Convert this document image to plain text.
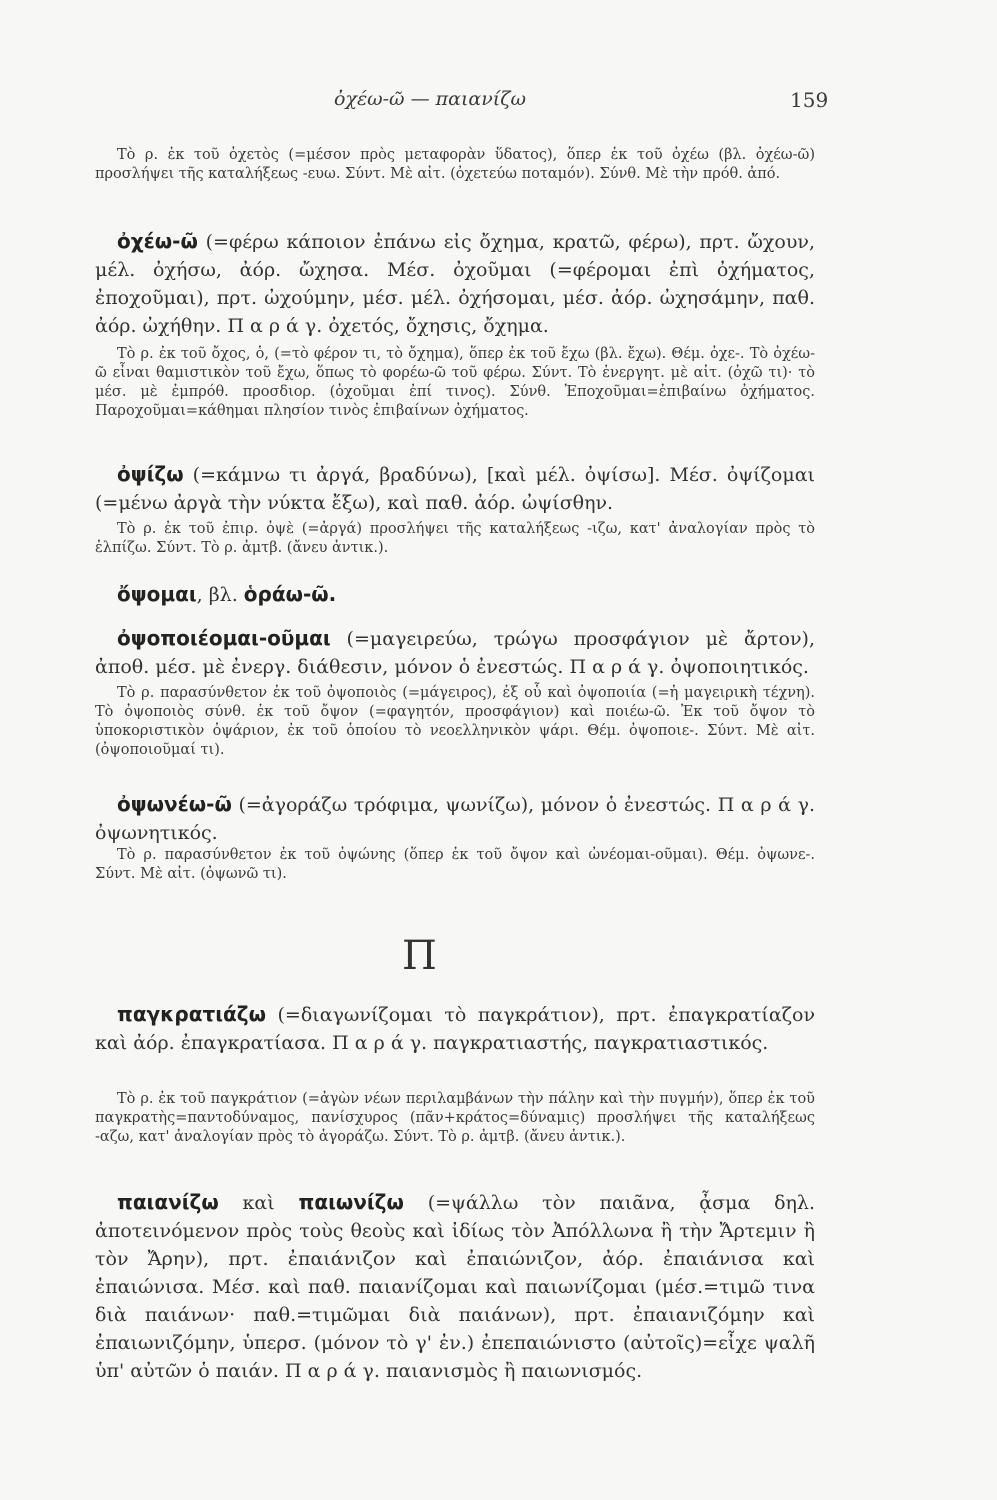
ὀχέω-ῶ — παιανίζω	159
Τὸ ρ. ἐκ τοῦ ὀχετὸς (=μέσον πρὸς μεταφορὰν ὕδατος), ὅπερ ἐκ τοῦ ὀχέω (βλ. ὀχέω-ῶ) προσλήψει τῆς καταλήξεως -ευω. Σύντ. Μὲ αἰτ. (ὀχετεύω ποταμόν). Σύνθ. Μὲ τὴν πρόθ. ἀπό.
ὀχέω-ῶ (=φέρω κάποιον ἐπάνω εἰς ὄχημα, κρατῶ, φέρω), πρτ. ὤχουν, μέλ. ὀχήσω, ἀόρ. ὤχησα. Μέσ. ὀχοῦμαι (=φέρομαι ἐπὶ ὀχήματος, ἐποχοῦμαι), πρτ. ὠχούμην, μέσ. μέλ. ὀχήσομαι, μέσ. ἀόρ. ὠχησάμην, παθ. ἀόρ. ὠχήθην. Π α ρ ά γ. ὀχετός, ὄχησις, ὄχημα.
Τὸ ρ. ἐκ τοῦ ὄχος, ὁ, (=τὸ φέρον τι, τὸ ὄχημα), ὅπερ ἐκ τοῦ ἔχω (βλ. ἔχω). Θέμ. ὀχε-. Τὸ ὀχέω-ῶ εἶναι θαμιστικὸν τοῦ ἔχω, ὅπως τὸ φορέω-ῶ τοῦ φέρω. Σύντ. Τὸ ἐνεργητ. μὲ αἰτ. (ὀχῶ τι)· τὸ μέσ. μὲ ἐμπρόθ. προσδιορ. (ὀχοῦμαι ἐπί τινος). Σύνθ. Ἐποχοῦμαι=ἐπιβαίνω ὀχήματος. Παροχοῦμαι=κάθημαι πλησίον τινὸς ἐπιβαίνων ὀχήματος.
ὀψίζω (=κάμνω τι ἀργά, βραδύνω), [καὶ μέλ. ὀψίσω]. Μέσ. ὀψίζομαι (=μένω ἀργὰ τὴν νύκτα ἔξω), καὶ παθ. ἀόρ. ὠψίσθην.
Τὸ ρ. ἐκ τοῦ ἐπιρ. ὀψὲ (=ἀργά) προσλήψει τῆς καταλήξεως -ιζω, κατ' ἀναλογίαν πρὸς τὸ ἐλπίζω. Σύντ. Τὸ ρ. ἀμτβ. (ἄνευ ἀντικ.).
ὄψομαι, βλ. ὁράω-ῶ.
ὀψοποιέομαι-οῦμαι (=μαγειρεύω, τρώγω προσφάγιον μὲ ἄρτον), ἀποθ. μέσ. μὲ ἐνεργ. διάθεσιν, μόνον ὁ ἐνεστώς. Π α ρ ά γ. ὀψοποιητικός.
Τὸ ρ. παρασύνθετον ἐκ τοῦ ὀψοποιὸς (=μάγειρος), ἐξ οὗ καὶ ὀψοποιία (=ἡ μαγειρικὴ τέχνη). Τὸ ὀψοποιὸς σύνθ. ἐκ τοῦ ὄψον (=φαγητόν, προσφάγιον) καὶ ποιέω-ῶ. Ἐκ τοῦ ὄψον τὸ ὑποκοριστικὸν ὀψάριον, ἐκ τοῦ ὁποίου τὸ νεοελληνικὸν ψάρι. Θέμ. ὀψοποιε-. Σύντ. Μὲ αἰτ. (ὀψοποιοῦμαί τι).
ὀψωνέω-ῶ (=ἀγοράζω τρόφιμα, ψωνίζω), μόνον ὁ ἐνεστώς. Π α ρ ά γ. ὀψωνητικός.
Τὸ ρ. παρασύνθετον ἐκ τοῦ ὀψώνης (ὅπερ ἐκ τοῦ ὄψον καὶ ὠνέομαι-οῦμαι). Θέμ. ὀψωνε-. Σύντ. Μὲ αἰτ. (ὀψωνῶ τι).
Π
παγκρατιάζω (=διαγωνίζομαι τὸ παγκράτιον), πρτ. ἐπαγκρατίαζον καὶ ἀόρ. ἐπαγκρατίασα. Π α ρ ά γ. παγκρατιαστής, παγκρατιαστικός.
Τὸ ρ. ἐκ τοῦ παγκράτιον (=ἀγὼν νέων περιλαμβάνων τὴν πάλην καὶ τὴν πυγμήν), ὅπερ ἐκ τοῦ παγκρατὴς=παντοδύναμος, πανίσχυρος (πᾶν+κράτος=δύναμις) προσλήψει τῆς καταλήξεως -αζω, κατ' ἀναλογίαν πρὸς τὸ ἀγοράζω. Σύντ. Τὸ ρ. ἀμτβ. (ἄνευ ἀντικ.).
παιανίζω καὶ παιωνίζω (=ψάλλω τὸν παιᾶνα, ᾆσμα δηλ. ἀποτεινόμενον πρὸς τοὺς θεοὺς καὶ ἰδίως τὸν Ἀπόλλωνα ἢ τὴν Ἄρτεμιν ἢ τὸν Ἄρην), πρτ. ἐπαιάνιζον καὶ ἐπαιώνιζον, ἀόρ. ἐπαιάνισα καὶ ἐπαιώνισα. Μέσ. καὶ παθ. παιανίζομαι καὶ παιωνίζομαι (μέσ.=τιμῶ τινα διὰ παιάνων· παθ.=τιμῶμαι διὰ παιάνων), πρτ. ἐπαιανιζόμην καὶ ἐπαιωνιζόμην, ὑπερσ. (μόνον τὸ γ' ἐν.) ἐπεπαιώνιστο (αὐτοῖς)=εἶχε ψαλῆ ὑπ' αὐτῶν ὁ παιάν. Π α ρ ά γ. παιανισμὸς ἢ παιωνισμός.
